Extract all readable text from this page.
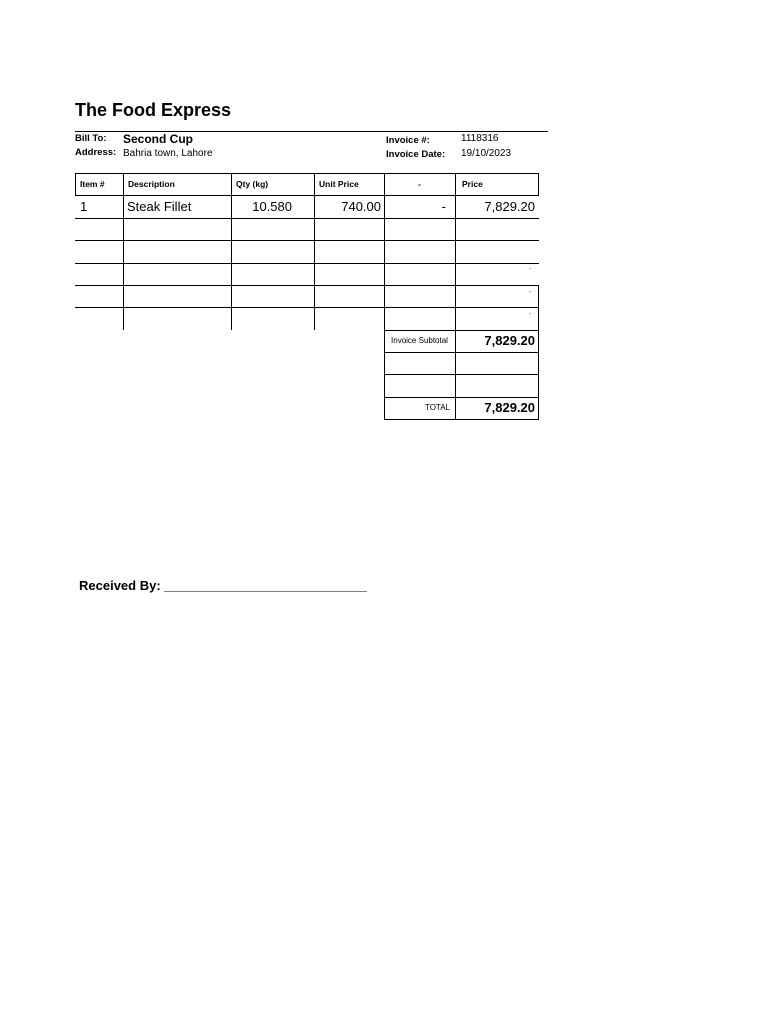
The Food Express
Bill To: Second Cup
Address: Bahria town, Lahore
Invoice #:	1118316
Invoice Date: 19/10/2023
Item #	Description	Qty (kg)	Unit Price	-	Price
1	Steak Fillet	10.580	740.00	-	7,829.20
-
-
-
Invoice Subtotal	7,829.20
TOTAL	7,829.20
Received By: ____________________________
